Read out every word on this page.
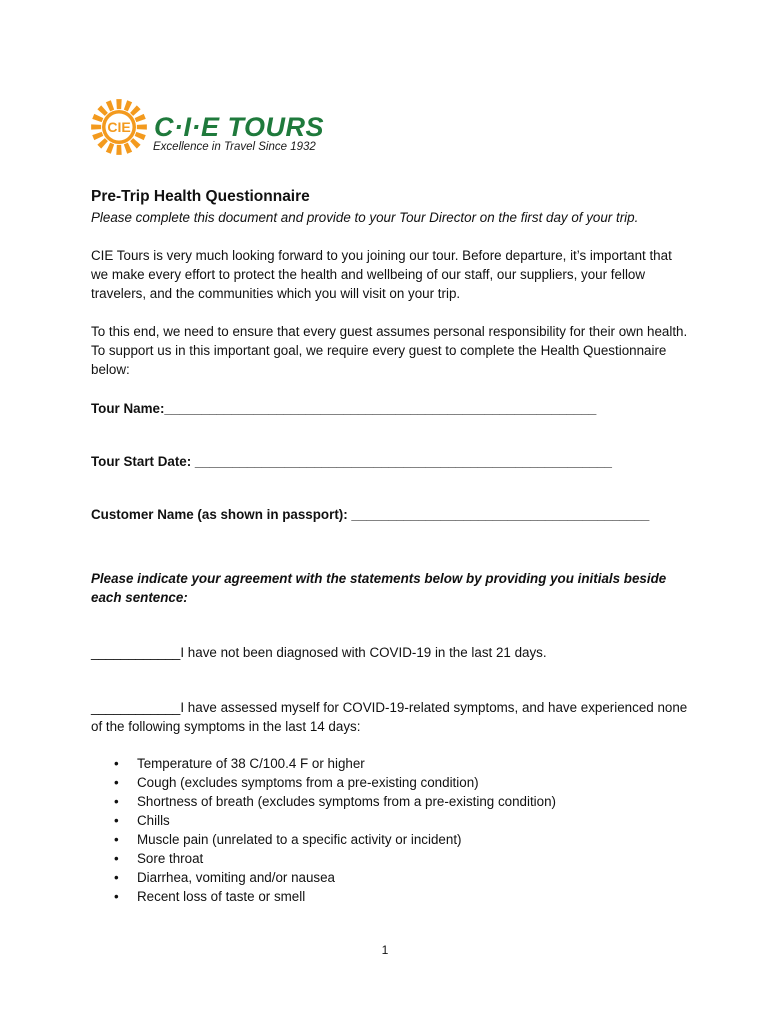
CIE C·I·E TOURS
Excellence in Travel Since 1932

Pre-Trip Health Questionnaire

Please complete this document and provide to your Tour Director on the first day of your trip.

CIE Tours is very much looking forward to you joining our tour. Before departure, it’s important that we make every effort to protect the health and wellbeing of our staff, our suppliers, your fellow travelers, and the communities which you will visit on your trip.

To this end, we need to ensure that every guest assumes personal responsibility for their own health. To support us in this important goal, we require every guest to complete the Health Questionnaire below:

Tour Name:__________________________________________________________

Tour Start Date: ________________________________________________________

Customer Name (as shown in passport): ________________________________________

Please indicate your agreement with the statements below by providing you initials beside each sentence:

____________I have not been diagnosed with COVID-19 in the last 21 days.

____________I have assessed myself for COVID-19-related symptoms, and have experienced none of the following symptoms in the last 14 days:

• Temperature of 38 C/100.4 F or higher
• Cough (excludes symptoms from a pre-existing condition)
• Shortness of breath (excludes symptoms from a pre-existing condition)
• Chills
• Muscle pain (unrelated to a specific activity or incident)
• Sore throat
• Diarrhea, vomiting and/or nausea
• Recent loss of taste or smell
1
